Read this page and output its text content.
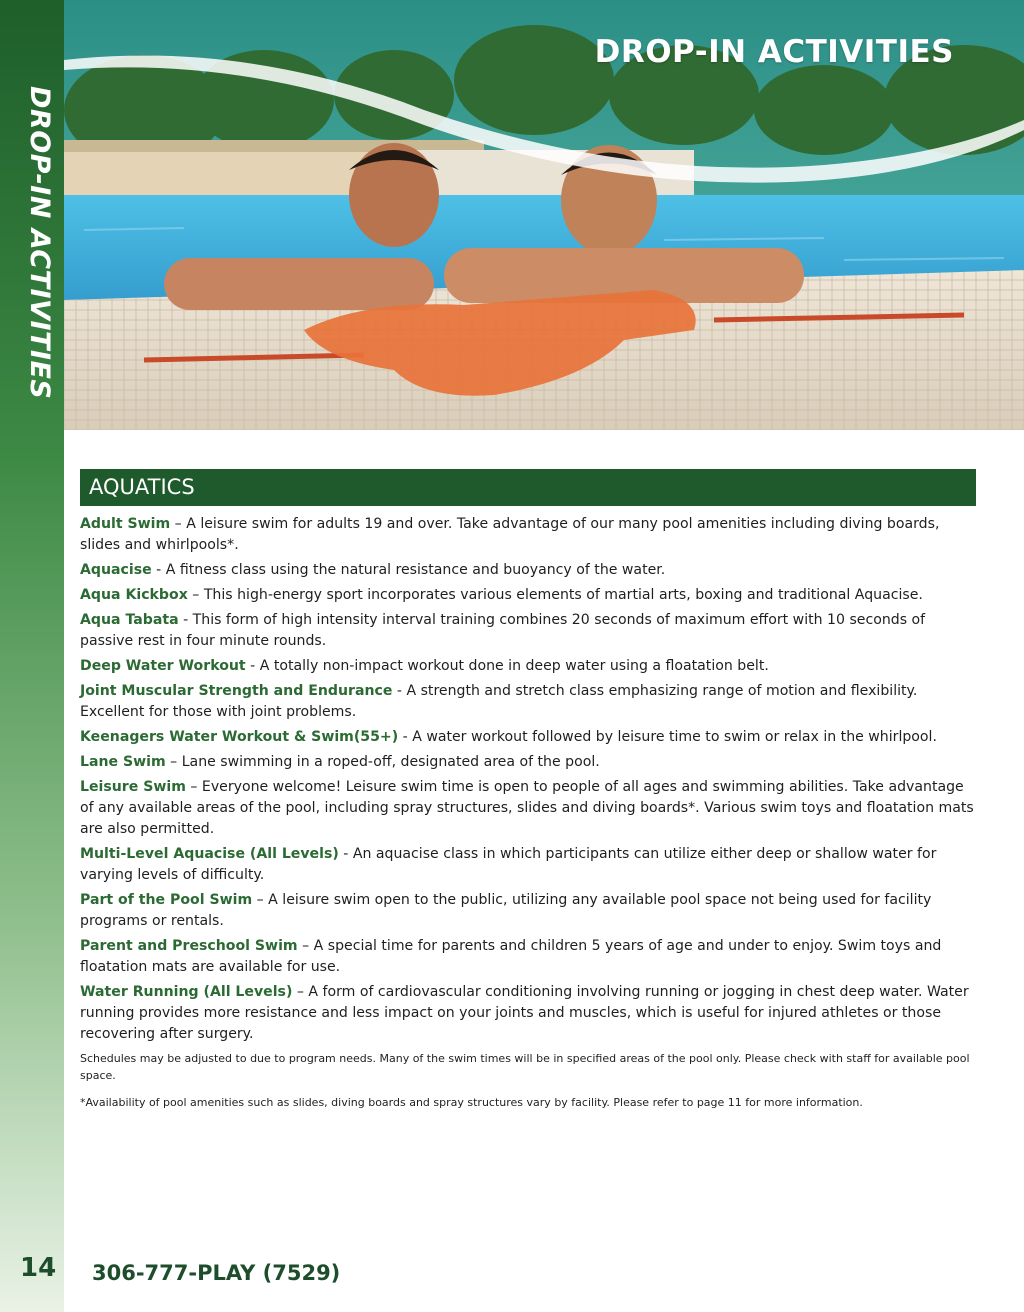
DROP-IN ACTIVITIES
14
DROP-IN ACTIVITIES
AQUATICS

Adult Swim – A leisure swim for adults 19 and over. Take advantage of our many pool amenities including diving boards, slides and whirlpools*.

Aquacise - A fitness class using the natural resistance and buoyancy of the water.

Aqua Kickbox – This high-energy sport incorporates various elements of martial arts, boxing and traditional Aquacise.

Aqua Tabata - This form of high intensity interval training combines 20 seconds of maximum effort with 10 seconds of passive rest in four minute rounds.

Deep Water Workout - A totally non-impact workout done in deep water using a floatation belt.

Joint Muscular Strength and Endurance - A strength and stretch class emphasizing range of motion and flexibility. Excellent for those with joint problems.

Keenagers Water Workout & Swim(55+) - A water workout followed by leisure time to swim or relax in the whirlpool.

Lane Swim – Lane swimming in a roped-off, designated area of the pool.

Leisure Swim – Everyone welcome! Leisure swim time is open to people of all ages and swimming abilities. Take advantage of any available areas of the pool, including spray structures, slides and diving boards*. Various swim toys and floatation mats are also permitted.

Multi-Level Aquacise (All Levels) - An aquacise class in which participants can utilize either deep or shallow water for varying levels of difficulty.

Part of the Pool Swim – A leisure swim open to the public, utilizing any available pool space not being used for facility programs or rentals.

Parent and Preschool Swim – A special time for parents and children 5 years of age and under to enjoy. Swim toys and floatation mats are available for use.

Water Running (All Levels) – A form of cardiovascular conditioning involving running or jogging in chest deep water. Water running provides more resistance and less impact on your joints and muscles, which is useful for injured athletes or those recovering after surgery.

Schedules may be adjusted to due to program needs. Many of the swim times will be in specified areas of the pool only. Please check with staff for available pool space.

*Availability of pool amenities such as slides, diving boards and spray structures vary by facility. Please refer to page 11 for more information.

306-777-PLAY (7529)
